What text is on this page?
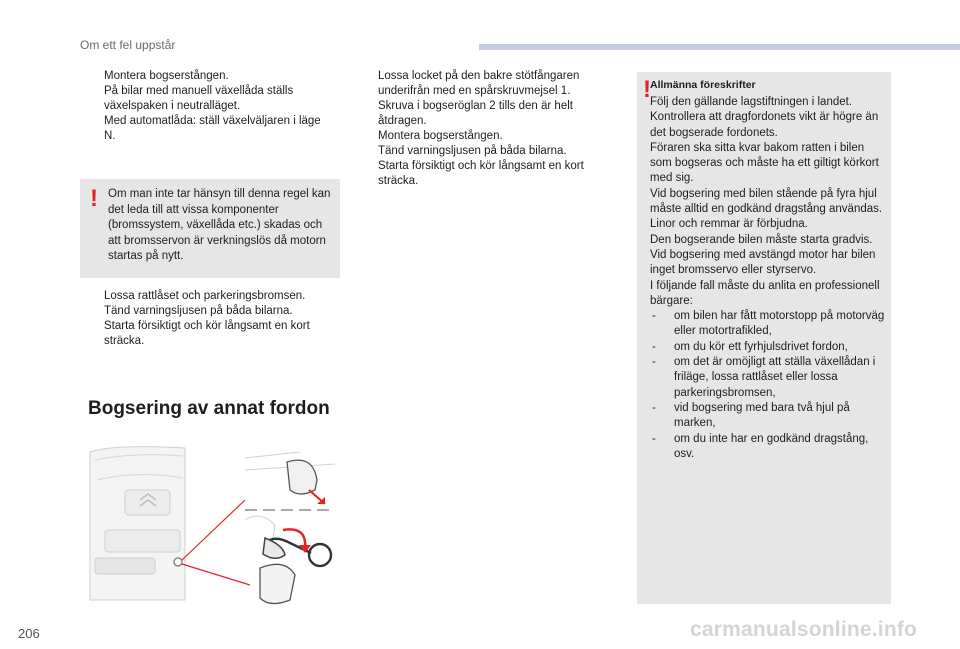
Om ett fel uppstår
Montera bogserstången.
På bilar med manuell växellåda ställs växelspaken i neutralläget.
Med automatlåda: ställ växelväljaren i läge N.
! Om man inte tar hänsyn till denna regel kan det leda till att vissa komponenter (bromssystem, växellåda etc.) skadas och att bromsservon är verkningslös då motorn startas på nytt.
Lossa rattlåset och parkeringsbromsen.
Tänd varningsljusen på båda bilarna.
Starta försiktigt och kör långsamt en kort sträcka.
Bogsering av annat fordon
Lossa locket på den bakre stötfångaren underifrån med en spårskruvmejsel 1.
Skruva i bogseröglan 2 tills den är helt åtdragen.
Montera bogserstången.
Tänd varningsljusen på båda bilarna.
Starta försiktigt och kör långsamt en kort sträcka.
! Allmänna föreskrifter
Följ den gällande lagstiftningen i landet.
Kontrollera att dragfordonets vikt är högre än det bogserade fordonets.
Föraren ska sitta kvar bakom ratten i bilen som bogseras och måste ha ett giltigt körkort med sig.
Vid bogsering med bilen stående på fyra hjul måste alltid en godkänd dragstång användas. Linor och remmar är förbjudna.
Den bogserande bilen måste starta gradvis.
Vid bogsering med avstängd motor har bilen inget bromsservo eller styrservo.
I följande fall måste du anlita en professionell bärgare:
- om bilen har fått motorstopp på motorväg eller motortrafikled,
- om du kör ett fyrhjulsdrivet fordon,
- om det är omöjligt att ställa växellådan i friläge, lossa rattlåset eller lossa parkeringsbromsen,
- vid bogsering med bara två hjul på marken,
- om du inte har en godkänd dragstång, osv.
206	carmanualsonline.info
